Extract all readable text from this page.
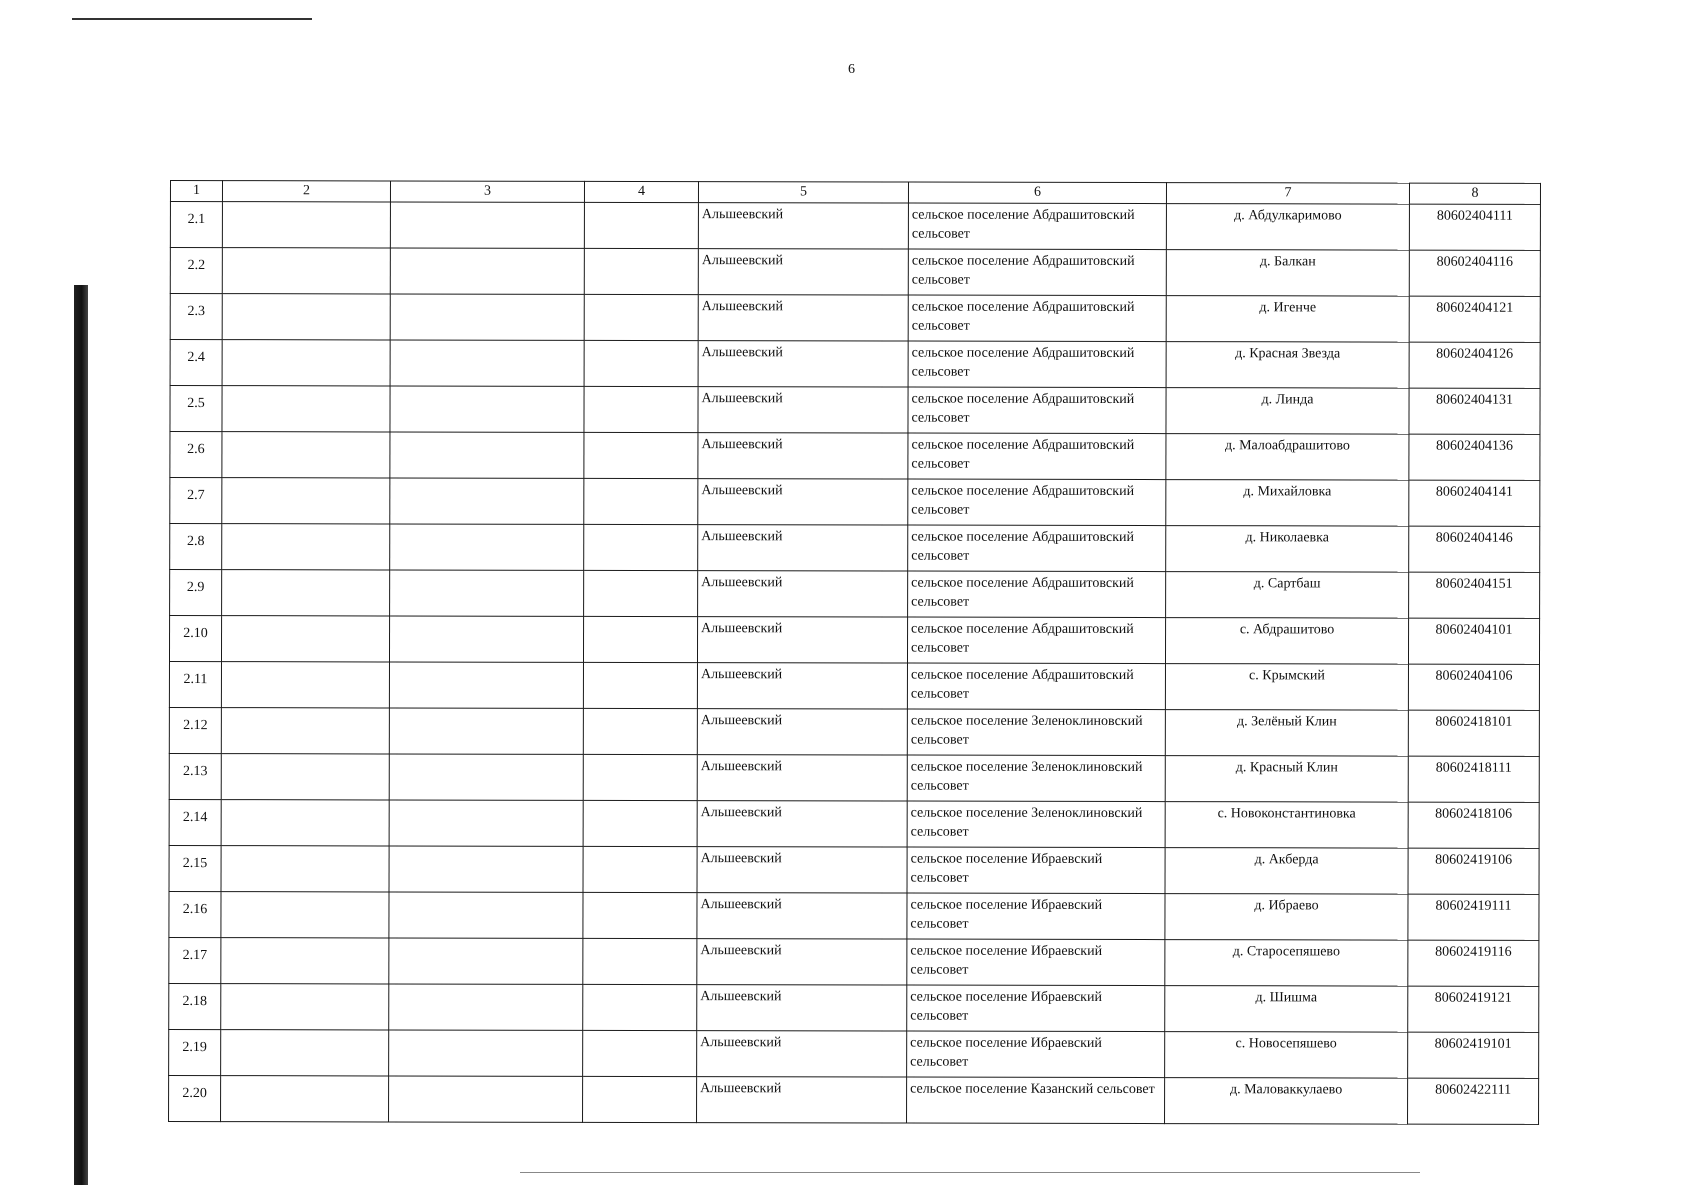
6
1	2	3	4	5	6	7	8
2.1				Альшеевский	сельское поселение Абдрашитовский сельсовет	д. Абдулкаримово	80602404111
2.2				Альшеевский	сельское поселение Абдрашитовский сельсовет	д. Балкан	80602404116
2.3				Альшеевский	сельское поселение Абдрашитовский сельсовет	д. Игенче	80602404121
2.4				Альшеевский	сельское поселение Абдрашитовский сельсовет	д. Красная Звезда	80602404126
2.5				Альшеевский	сельское поселение Абдрашитовский сельсовет	д. Линда	80602404131
2.6				Альшеевский	сельское поселение Абдрашитовский сельсовет	д. Малоабдрашитово	80602404136
2.7				Альшеевский	сельское поселение Абдрашитовский сельсовет	д. Михайловка	80602404141
2.8				Альшеевский	сельское поселение Абдрашитовский сельсовет	д. Николаевка	80602404146
2.9				Альшеевский	сельское поселение Абдрашитовский сельсовет	д. Сартбаш	80602404151
2.10				Альшеевский	сельское поселение Абдрашитовский сельсовет	с. Абдрашитово	80602404101
2.11				Альшеевский	сельское поселение Абдрашитовский сельсовет	с. Крымский	80602404106
2.12				Альшеевский	сельское поселение Зеленоклиновский сельсовет	д. Зелёный Клин	80602418101
2.13				Альшеевский	сельское поселение Зеленоклиновский сельсовет	д. Красный Клин	80602418111
2.14				Альшеевский	сельское поселение Зеленоклиновский сельсовет	с. Новоконстантиновка	80602418106
2.15				Альшеевский	сельское поселение Ибраевский сельсовет	д. Акберда	80602419106
2.16				Альшеевский	сельское поселение Ибраевский сельсовет	д. Ибраево	80602419111
2.17				Альшеевский	сельское поселение Ибраевский сельсовет	д. Старосепяшево	80602419116
2.18				Альшеевский	сельское поселение Ибраевский сельсовет	д. Шишма	80602419121
2.19				Альшеевский	сельское поселение Ибраевский сельсовет	с. Новосепяшево	80602419101
2.20				Альшеевский	сельское поселение Казанский сельсовет	д. Маловаккулаево	80602422111
